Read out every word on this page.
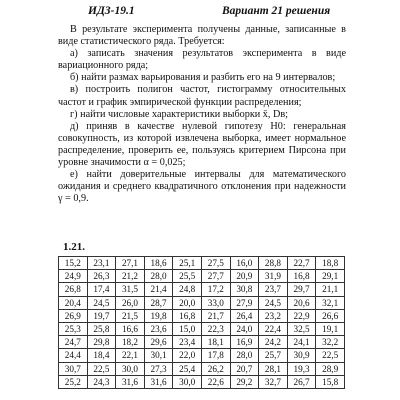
ИДЗ-19.1	Вариант 21 решения

В результате эксперимента получены данные, записанные в виде статистического ряда. Требуется:

а) записать значения результатов эксперимента в виде вариационного ряда;

б) найти размах варьирования и разбить его на 9 интервалов;

в) построить полигон частот, гистограмму относительных частот и график эмпирической функции распределения;

г) найти числовые характеристики выборки x̄, Dв;

д) приняв в качестве нулевой гипотезу H0: генеральная совокупность, из которой извлечена выборка, имеет нормальное распределение, проверить ее, пользуясь критерием Пирсона при уровне значимости α = 0,025;

е) найти доверительные интервалы для математического ожидания и среднего квадратичного отклонения при надежности γ = 0,9.

1.21.
15,2	23,1	27,1	18,6	25,1	27,5	16,0	28,8	22,7	18,8
24,9	26,3	21,2	28,0	25,5	27,7	20,9	31,9	16,8	29,1
26,8	17,4	31,5	21,4	24,8	17,2	30,8	23,7	29,7	21,1
20,4	24,5	26,0	28,7	20,0	33,0	27,9	24,5	20,6	32,1
26,9	19,7	21,5	19,8	16,8	21,7	26,4	23,2	22,9	26,6
25,3	25,8	16,6	23,6	15,0	22,3	24,0	22,4	32,5	19,1
24,7	29,8	18,2	29,6	23,4	18,1	16,9	24,2	24,1	32,2
24,4	18,4	22,1	30,1	22,0	17,8	28,0	25,7	30,9	22,5
30,7	22,5	30,0	27,3	25,4	26,2	20,7	28,1	19,3	28,9
25,2	24,3	31,6	31,6	30,0	22,6	29,2	32,7	26,7	15,8
